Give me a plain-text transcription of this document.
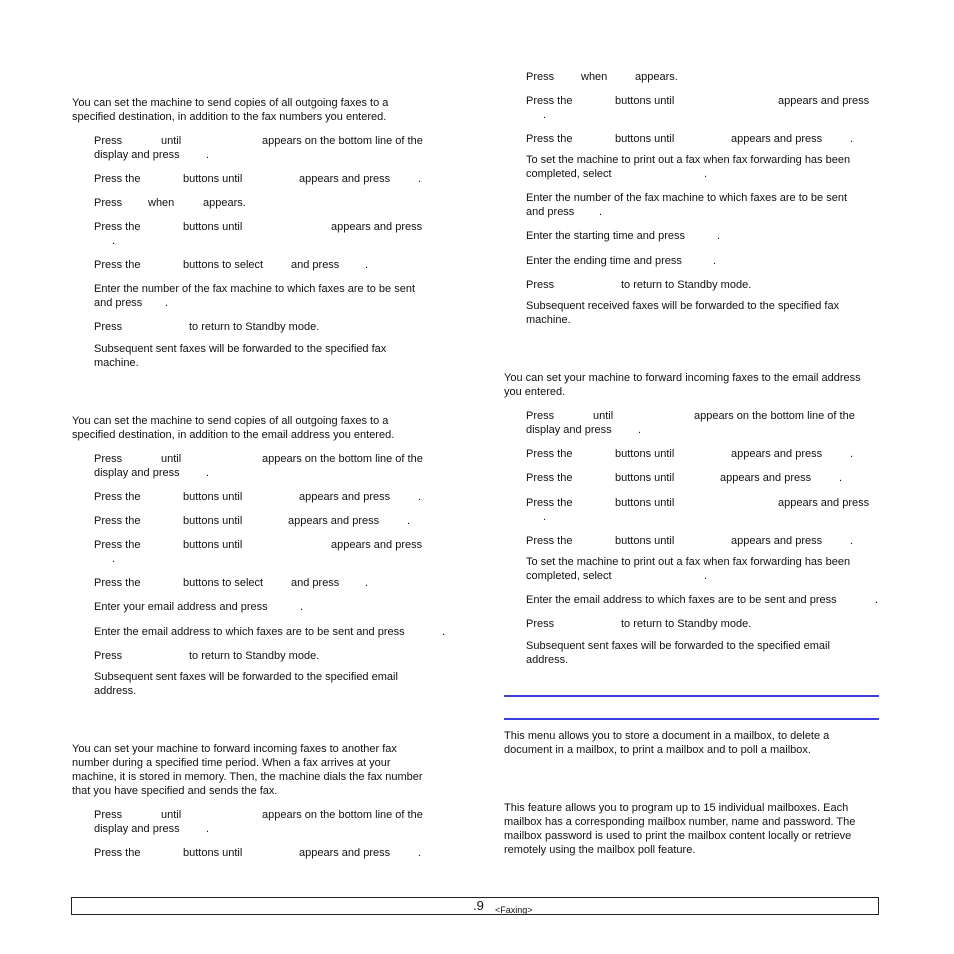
You can set the machine to send copies of all outgoing faxes to a
specified destination, in addition to the fax numbers you entered.
Press	until	appears on the bottom line of the
display and press .
Press the	buttons until	appears and press	.
Press when	appears.
Press the	buttons until	appears and press
.
Press the	buttons to select	and press .
Enter the number of the fax machine to which faxes are to be sent
and press .
Press	to return to Standby mode.
Subsequent sent faxes will be forwarded to the specified fax
machine.
You can set the machine to send copies of all outgoing faxes to a
specified destination, in addition to the email address you entered.
Press	until	appears on the bottom line of the
display and press .
Press the	buttons until	appears and press	.
Press the	buttons until	appears and press	.
Press the	buttons until	appears and press
.
Press the	buttons to select	and press .
Enter your email address and press	.
Enter the email address to which faxes are to be sent and press	.
Press	to return to Standby mode.
Subsequent sent faxes will be forwarded to the specified email
address.
You can set your machine to forward incoming faxes to another fax
number during a specified time period. When a fax arrives at your
machine, it is stored in memory. Then, the machine dials the fax number
that you have specified and sends the fax.
Press	until	appears on the bottom line of the
display and press .
Press the	buttons until	appears and press	.
Press when	appears.
Press the	buttons until	appears and press
.
Press the	buttons until	appears and press	.
To set the machine to print out a fax when fax forwarding has been
completed, select	.
Enter the number of the fax machine to which faxes are to be sent
and press .
Enter the starting time and press	.
Enter the ending time and press	.
Press	to return to Standby mode.
Subsequent received faxes will be forwarded to the specified fax
machine.
You can set your machine to forward incoming faxes to the email address
you entered.
Press	until	appears on the bottom line of the
display and press .
Press the	buttons until	appears and press	.
Press the	buttons until	appears and press	.
Press the	buttons until	appears and press
.
Press the	buttons until	appears and press	.
To set the machine to print out a fax when fax forwarding has been
completed, select	.
Enter the email address to which faxes are to be sent and press	.
Press	to return to Standby mode.
Subsequent sent faxes will be forwarded to the specified email
address.
This menu allows you to store a document in a mailbox, to delete a
document in a mailbox, to print a mailbox and to poll a mailbox.
This feature allows you to program up to 15 individual mailboxes. Each
mailbox has a corresponding mailbox number, name and password. The
mailbox password is used to print the mailbox content locally or retrieve
remotely using the mailbox poll feature.
.9 <Faxing>
